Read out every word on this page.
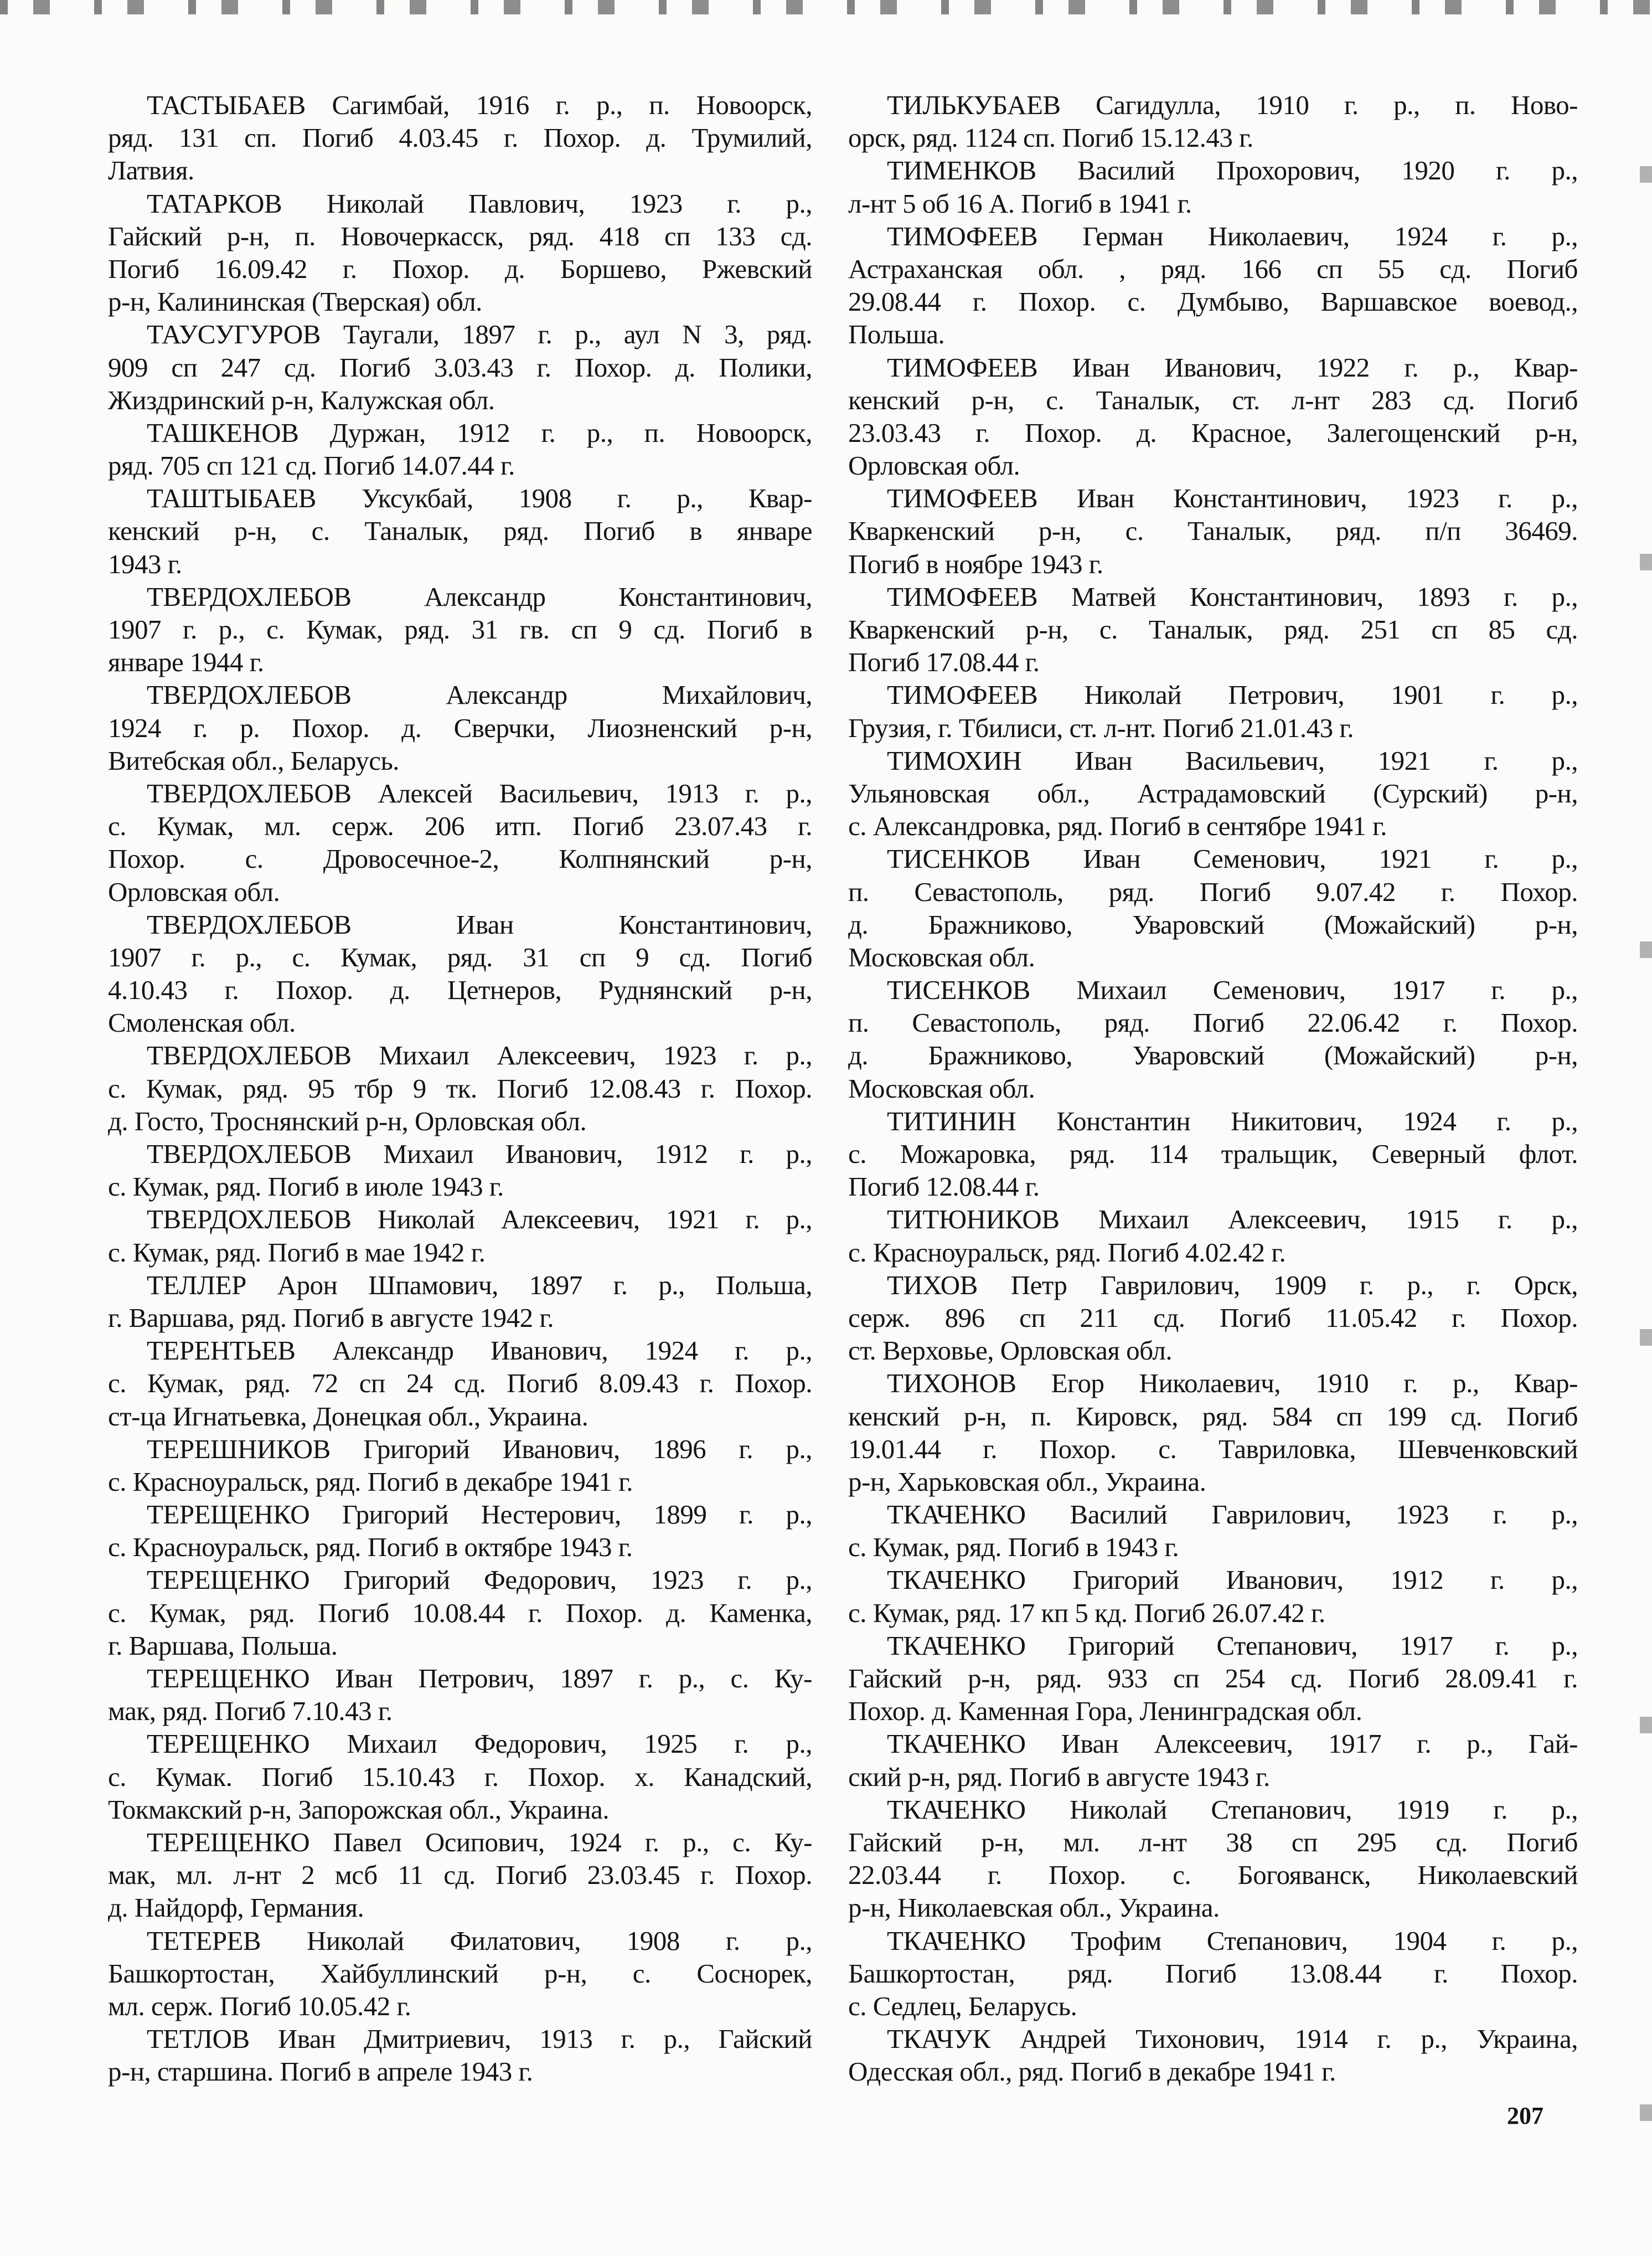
ТАСТЫБАЕВ Сагимбай, 1916 г. р., п. Новоорск,
ряд. 131 сп. Погиб 4.03.45 г. Похор. д. Трумилий,
Латвия.
ТАТАРКОВ Николай Павлович, 1923 г. р.,
Гайский р-н, п. Новочеркасск, ряд. 418 сп 133 сд.
Погиб 16.09.42 г. Похор. д. Боршево, Ржевский
р-н, Калининская (Тверская) обл.
ТАУСУГУРОВ Таугали, 1897 г. р., аул N 3, ряд.
909 сп 247 сд. Погиб 3.03.43 г. Похор. д. Полики,
Жиздринский р-н, Калужская обл.
ТАШКЕНОВ Дуржан, 1912 г. р., п. Новоорск,
ряд. 705 сп 121 сд. Погиб 14.07.44 г.
ТАШТЫБАЕВ Уксукбай, 1908 г. р., Квар-
кенский р-н, с. Таналык, ряд. Погиб в январе
1943 г.
ТВЕРДОХЛЕБОВ Александр Константинович,
1907 г. р., с. Кумак, ряд. 31 гв. сп 9 сд. Погиб в
январе 1944 г.
ТВЕРДОХЛЕБОВ Александр Михайлович,
1924 г. р. Похор. д. Сверчки, Лиозненский р-н,
Витебская обл., Беларусь.
ТВЕРДОХЛЕБОВ Алексей Васильевич, 1913 г. р.,
с. Кумак, мл. серж. 206 итп. Погиб 23.07.43 г.
Похор. с. Дровосечное-2, Колпнянский р-н,
Орловская обл.
ТВЕРДОХЛЕБОВ Иван Константинович,
1907 г. р., с. Кумак, ряд. 31 сп 9 сд. Погиб
4.10.43 г. Похор. д. Цетнеров, Руднянский р-н,
Смоленская обл.
ТВЕРДОХЛЕБОВ Михаил Алексеевич, 1923 г. р.,
с. Кумак, ряд. 95 тбр 9 тк. Погиб 12.08.43 г. Похор.
д. Госто, Троснянский р-н, Орловская обл.
ТВЕРДОХЛЕБОВ Михаил Иванович, 1912 г. р.,
с. Кумак, ряд. Погиб в июле 1943 г.
ТВЕРДОХЛЕБОВ Николай Алексеевич, 1921 г. р.,
с. Кумак, ряд. Погиб в мае 1942 г.
ТЕЛЛЕР Арон Шпамович, 1897 г. р., Польша,
г. Варшава, ряд. Погиб в августе 1942 г.
ТЕРЕНТЬЕВ Александр Иванович, 1924 г. р.,
с. Кумак, ряд. 72 сп 24 сд. Погиб 8.09.43 г. Похор.
ст-ца Игнатьевка, Донецкая обл., Украина.
ТЕРЕШНИКОВ Григорий Иванович, 1896 г. р.,
с. Красноуральск, ряд. Погиб в декабре 1941 г.
ТЕРЕЩЕНКО Григорий Нестерович, 1899 г. р.,
с. Красноуральск, ряд. Погиб в октябре 1943 г.
ТЕРЕЩЕНКО Григорий Федорович, 1923 г. р.,
с. Кумак, ряд. Погиб 10.08.44 г. Похор. д. Каменка,
г. Варшава, Польша.
ТЕРЕЩЕНКО Иван Петрович, 1897 г. р., с. Ку-
мак, ряд. Погиб 7.10.43 г.
ТЕРЕЩЕНКО Михаил Федорович, 1925 г. р.,
с. Кумак. Погиб 15.10.43 г. Похор. х. Канадский,
Токмакский р-н, Запорожская обл., Украина.
ТЕРЕЩЕНКО Павел Осипович, 1924 г. р., с. Ку-
мак, мл. л-нт 2 мсб 11 сд. Погиб 23.03.45 г. Похор.
д. Найдорф, Германия.
ТЕТЕРЕВ Николай Филатович, 1908 г. р.,
Башкортостан, Хайбуллинский р-н, с. Соснорек,
мл. серж. Погиб 10.05.42 г.
ТЕТЛОВ Иван Дмитриевич, 1913 г. р., Гайский
р-н, старшина. Погиб в апреле 1943 г.
ТИЛЬКУБАЕВ Сагидулла, 1910 г. р., п. Ново-
орск, ряд. 1124 сп. Погиб 15.12.43 г.
ТИМЕНКОВ Василий Прохорович, 1920 г. р.,
л-нт 5 об 16 А. Погиб в 1941 г.
ТИМОФЕЕВ Герман Николаевич, 1924 г. р.,
Астраханская обл. , ряд. 166 сп 55 сд. Погиб
29.08.44 г. Похор. с. Думбыво, Варшавское воевод.,
Польша.
ТИМОФЕЕВ Иван Иванович, 1922 г. р., Квар-
кенский р-н, с. Таналык, ст. л-нт 283 сд. Погиб
23.03.43 г. Похор. д. Красное, Залегощенский р-н,
Орловская обл.
ТИМОФЕЕВ Иван Константинович, 1923 г. р.,
Кваркенский р-н, с. Таналык, ряд. п/п 36469.
Погиб в ноябре 1943 г.
ТИМОФЕЕВ Матвей Константинович, 1893 г. р.,
Кваркенский р-н, с. Таналык, ряд. 251 сп 85 сд.
Погиб 17.08.44 г.
ТИМОФЕЕВ Николай Петрович, 1901 г. р.,
Грузия, г. Тбилиси, ст. л-нт. Погиб 21.01.43 г.
ТИМОХИН Иван Васильевич, 1921 г. р.,
Ульяновская обл., Астрадамовский (Сурский) р-н,
с. Александровка, ряд. Погиб в сентябре 1941 г.
ТИСЕНКОВ Иван Семенович, 1921 г. р.,
п. Севастополь, ряд. Погиб 9.07.42 г. Похор.
д. Бражниково, Уваровский (Можайский) р-н,
Московская обл.
ТИСЕНКОВ Михаил Семенович, 1917 г. р.,
п. Севастополь, ряд. Погиб 22.06.42 г. Похор.
д. Бражниково, Уваровский (Можайский) р-н,
Московская обл.
ТИТИНИН Константин Никитович, 1924 г. р.,
с. Можаровка, ряд. 114 тральщик, Северный флот.
Погиб 12.08.44 г.
ТИТЮНИКОВ Михаил Алексеевич, 1915 г. р.,
с. Красноуральск, ряд. Погиб 4.02.42 г.
ТИХОВ Петр Гаврилович, 1909 г. р., г. Орск,
серж. 896 сп 211 сд. Погиб 11.05.42 г. Похор.
ст. Верховье, Орловская обл.
ТИХОНОВ Егор Николаевич, 1910 г. р., Квар-
кенский р-н, п. Кировск, ряд. 584 сп 199 сд. Погиб
19.01.44 г. Похор. с. Тавриловка, Шевченковский
р-н, Харьковская обл., Украина.
ТКАЧЕНКО Василий Гаврилович, 1923 г. р.,
с. Кумак, ряд. Погиб в 1943 г.
ТКАЧЕНКО Григорий Иванович, 1912 г. р.,
с. Кумак, ряд. 17 кп 5 кд. Погиб 26.07.42 г.
ТКАЧЕНКО Григорий Степанович, 1917 г. р.,
Гайский р-н, ряд. 933 сп 254 сд. Погиб 28.09.41 г.
Похор. д. Каменная Гора, Ленинградская обл.
ТКАЧЕНКО Иван Алексеевич, 1917 г. р., Гай-
ский р-н, ряд. Погиб в августе 1943 г.
ТКАЧЕНКО Николай Степанович, 1919 г. р.,
Гайский р-н, мл. л-нт 38 сп 295 сд. Погиб
22.03.44 г. Похор. с. Богояванск, Николаевский
р-н, Николаевская обл., Украина.
ТКАЧЕНКО Трофим Степанович, 1904 г. р.,
Башкортостан, ряд. Погиб 13.08.44 г. Похор.
с. Седлец, Беларусь.
ТКАЧУК Андрей Тихонович, 1914 г. р., Украина,
Одесская обл., ряд. Погиб в декабре 1941 г.
207
